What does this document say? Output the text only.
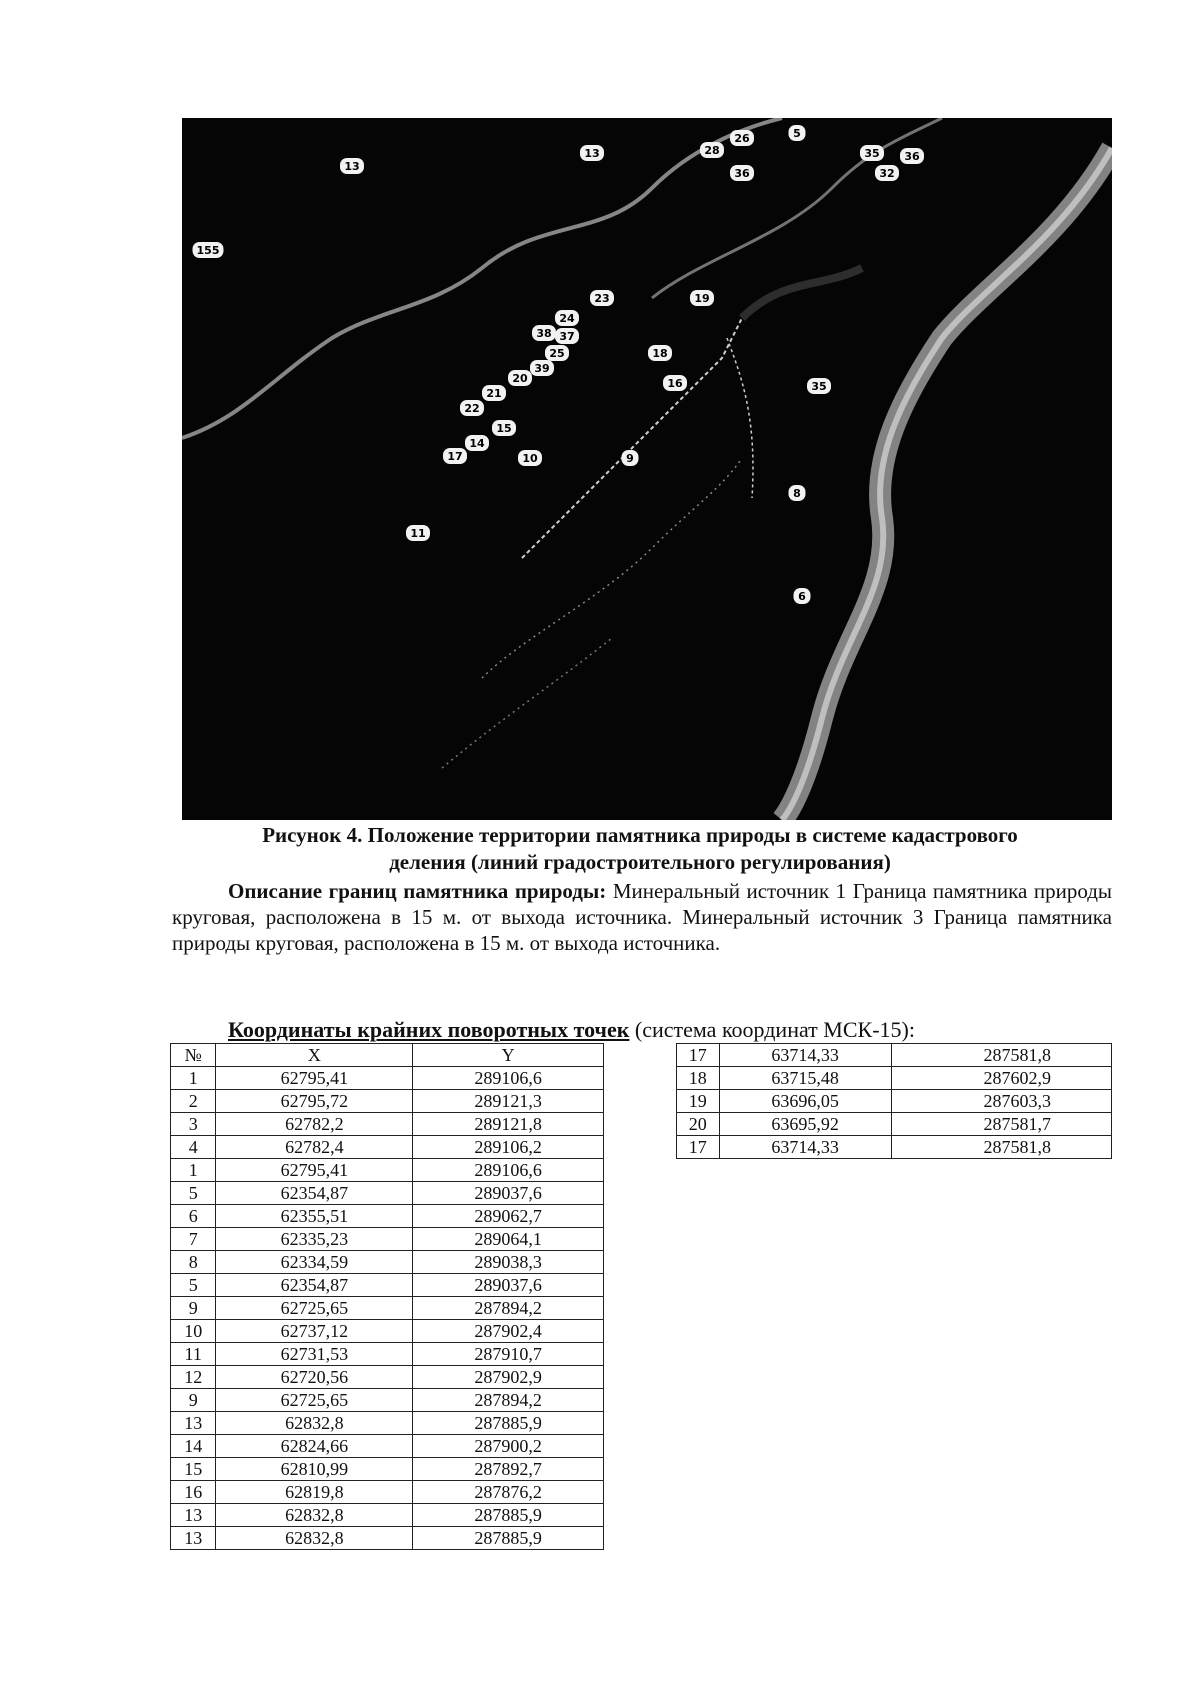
13
13
155
26	5
28
36
35
32
36
23	19
24
37
38
25
39
20
21
22
18
16
15
14
17	10	9
11
8
35
6
Рисунок 4. Положение территории памятника природы в системе кадастрового
деления (линий градостроительного регулирования)

Описание границ памятника природы: Минеральный источник 1 Граница памятника природы круговая, расположена в 15 м. от выхода источника. Минеральный источник 3 Граница памятника природы круговая, расположена в 15 м. от выхода источника.

Координаты крайних поворотных точек (система координат МСК-15):
№	X	Y
1	62795,41	289106,6
2	62795,72	289121,3
3	62782,2	289121,8
4	62782,4	289106,2
1	62795,41	289106,6
5	62354,87	289037,6
6	62355,51	289062,7
7	62335,23	289064,1
8	62334,59	289038,3
5	62354,87	289037,6
9	62725,65	287894,2
10	62737,12	287902,4
11	62731,53	287910,7
12	62720,56	287902,9
9	62725,65	287894,2
13	62832,8	287885,9
14	62824,66	287900,2
15	62810,99	287892,7
16	62819,8	287876,2
13	62832,8	287885,9
13	62832,8	287885,9
17	63714,33	287581,8
18	63715,48	287602,9
19	63696,05	287603,3
20	63695,92	287581,7
17	63714,33	287581,8
